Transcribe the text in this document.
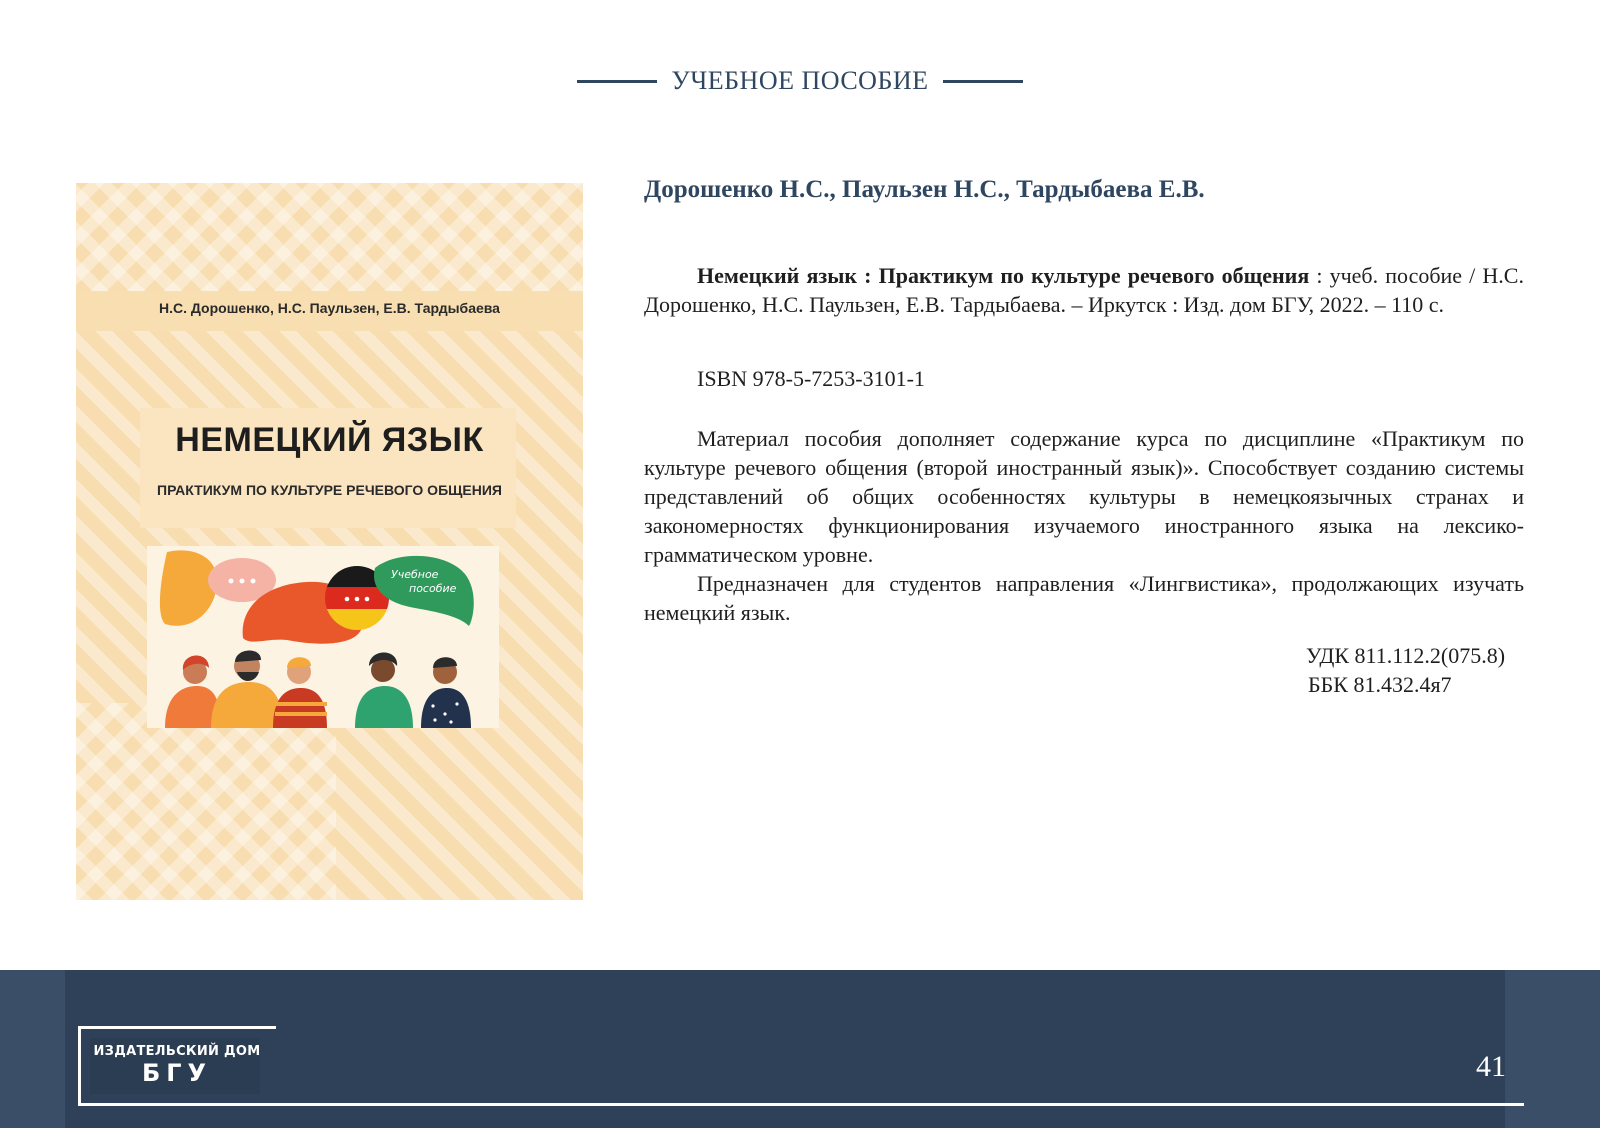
УЧЕБНОЕ ПОСОБИЕ
Н.С. Дорошенко, Н.С. Паульзен, Е.В. Тардыбаева
НЕМЕЦКИЙ ЯЗЫК
ПРАКТИКУМ ПО КУЛЬТУРЕ РЕЧЕВОГО ОБЩЕНИЯ
Учебное
пособие
Дорошенко Н.С., Паульзен Н.С., Тардыбаева Е.В.

Немецкий язык : Практикум по культуре речевого общения : учеб. пособие / Н.С. Дорошенко, Н.С. Паульзен, Е.В. Тардыбаева. – Иркутск : Изд. дом БГУ, 2022. – 110 с.

ISBN 978-5-7253-3101-1

Материал пособия дополняет содержание курса по дисциплине «Практикум по культуре речевого общения (второй иностранный язык)». Способствует созданию системы представлений об общих особенностях культуры в немецкоязычных странах и закономерностях функционирования изучаемого иностранного языка на лексико-грамматическом уровне.

Предназначен для студентов направления «Лингвистика», продолжающих изучать немецкий язык.

УДК 811.112.2(075.8)
ББК 81.432.4я7
ИЗДАТЕЛЬСКИЙ ДОМ
БГУ	41
